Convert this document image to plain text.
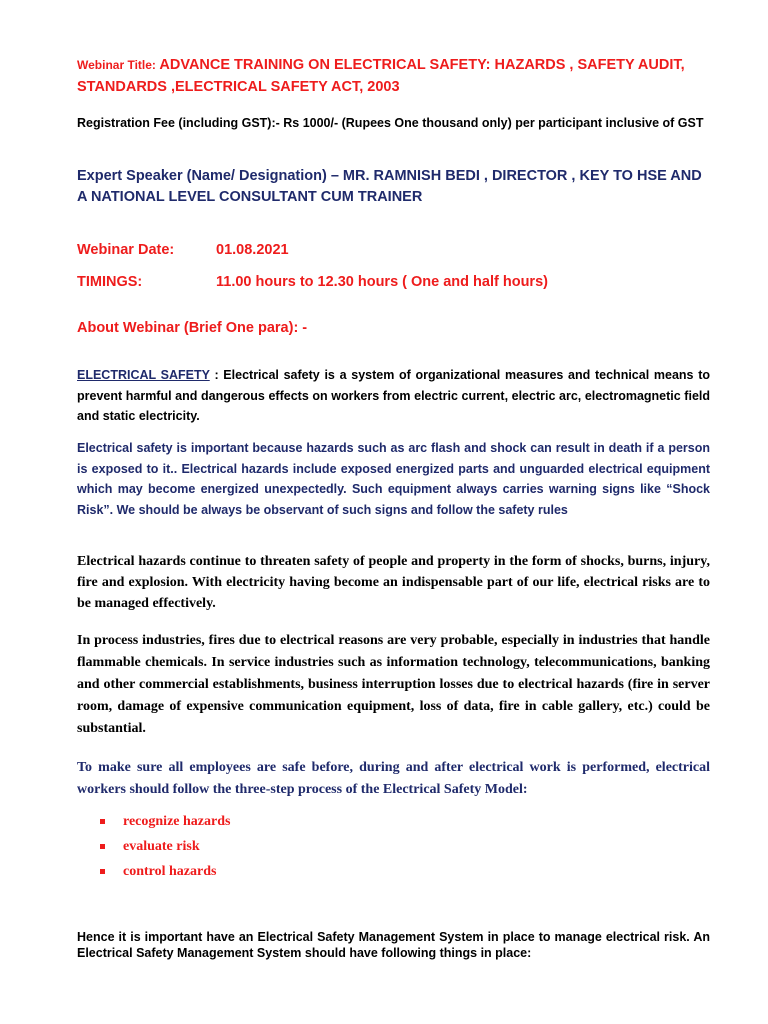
Webinar Title: ADVANCE TRAINING ON ELECTRICAL SAFETY: HAZARDS , SAFETY AUDIT, STANDARDS ,ELECTRICAL SAFETY ACT, 2003
Registration Fee (including GST):- Rs 1000/- (Rupees One thousand only) per participant inclusive of GST
Expert Speaker (Name/ Designation) – MR. RAMNISH BEDI , DIRECTOR , KEY TO HSE AND A NATIONAL LEVEL CONSULTANT CUM TRAINER
Webinar Date:	01.08.2021
TIMINGS:	11.00 hours to 12.30 hours ( One and half hours)
About Webinar (Brief One para): -
ELECTRICAL SAFETY : Electrical safety is a system of organizational measures and technical means to prevent harmful and dangerous effects on workers from electric current, electric arc, electromagnetic field and static electricity.
Electrical safety is important because hazards such as arc flash and shock can result in death if a person is exposed to it.. Electrical hazards include exposed energized parts and unguarded electrical equipment which may become energized unexpectedly. Such equipment always carries warning signs like “Shock Risk”. We should be always be observant of such signs and follow the safety rules
Electrical hazards continue to threaten safety of people and property in the form of shocks, burns, injury, fire and explosion. With electricity having become an indispensable part of our life, electrical risks are to be managed effectively.
In process industries, fires due to electrical reasons are very probable, especially in industries that handle flammable chemicals. In service industries such as information technology, telecommunications, banking and other commercial establishments, business interruption losses due to electrical hazards (fire in server room, damage of expensive communication equipment, loss of data, fire in cable gallery, etc.) could be substantial.
To make sure all employees are safe before, during and after electrical work is performed, electrical workers should follow the three-step process of the Electrical Safety Model:
recognize hazards
evaluate risk
control hazards
Hence it is important have an Electrical Safety Management System in place to manage electrical risk. An Electrical Safety Management System should have following things in place:
